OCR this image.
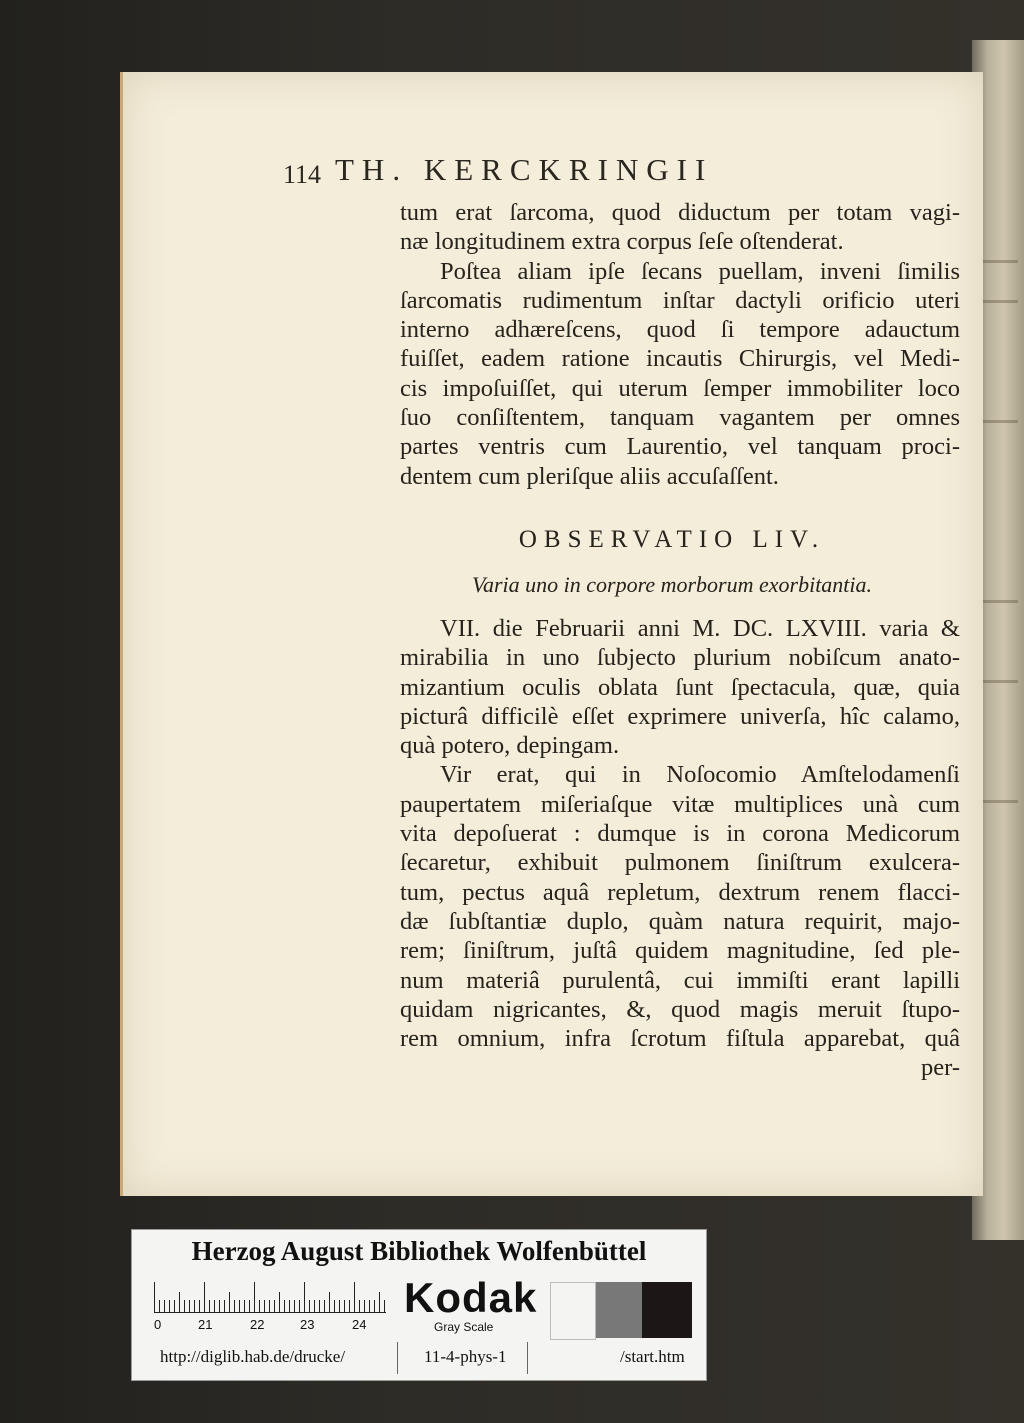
114 TH. KERCKRINGII
tum erat ſarcoma, quod diductum per totam vagi-
næ longitudinem extra corpus ſeſe oſtenderat.
Poſtea aliam ipſe ſecans puellam, inveni ſimilis
ſarcomatis rudimentum inſtar dactyli orificio uteri
interno adhæreſcens, quod ſi tempore adauctum
fuiſſet, eadem ratione incautis Chirurgis, vel Medi-
cis impoſuiſſet, qui uterum ſemper immobiliter loco
ſuo conſiſtentem, tanquam vagantem per omnes
partes ventris cum Laurentio, vel tanquam proci-
dentem cum pleriſque aliis accuſaſſent.
OBSERVATIO LIV.
Varia uno in corpore morborum exorbitantia.
VII. die Februarii anni M. DC. LXVIII. varia &
mirabilia in uno ſubjecto plurium nobiſcum anato-
mizantium oculis oblata ſunt ſpectacula, quæ, quia
picturâ difficilè eſſet exprimere univerſa, hîc calamo,
quà potero, depingam.
Vir erat, qui in Noſocomio Amſtelodamenſi
paupertatem miſeriaſque vitæ multiplices unà cum
vita depoſuerat : dumque is in corona Medicorum
ſecaretur, exhibuit pulmonem ſiniſtrum exulcera-
tum, pectus aquâ repletum, dextrum renem flacci-
dæ ſubſtantiæ duplo, quàm natura requirit, majo-
rem; ſiniſtrum, juſtâ quidem magnitudine, ſed ple-
num materiâ purulentâ, cui immiſti erant lapilli
quidam nigricantes, &, quod magis meruit ſtupo-
rem omnium, infra ſcrotum fiſtula apparebat, quâ
per-
Herzog August Bibliothek Wolfenbüttel
0	21	22	23	24
Kodak
Gray Scale
http://diglib.hab.de/drucke/	11-4-phys-1	/start.htm
